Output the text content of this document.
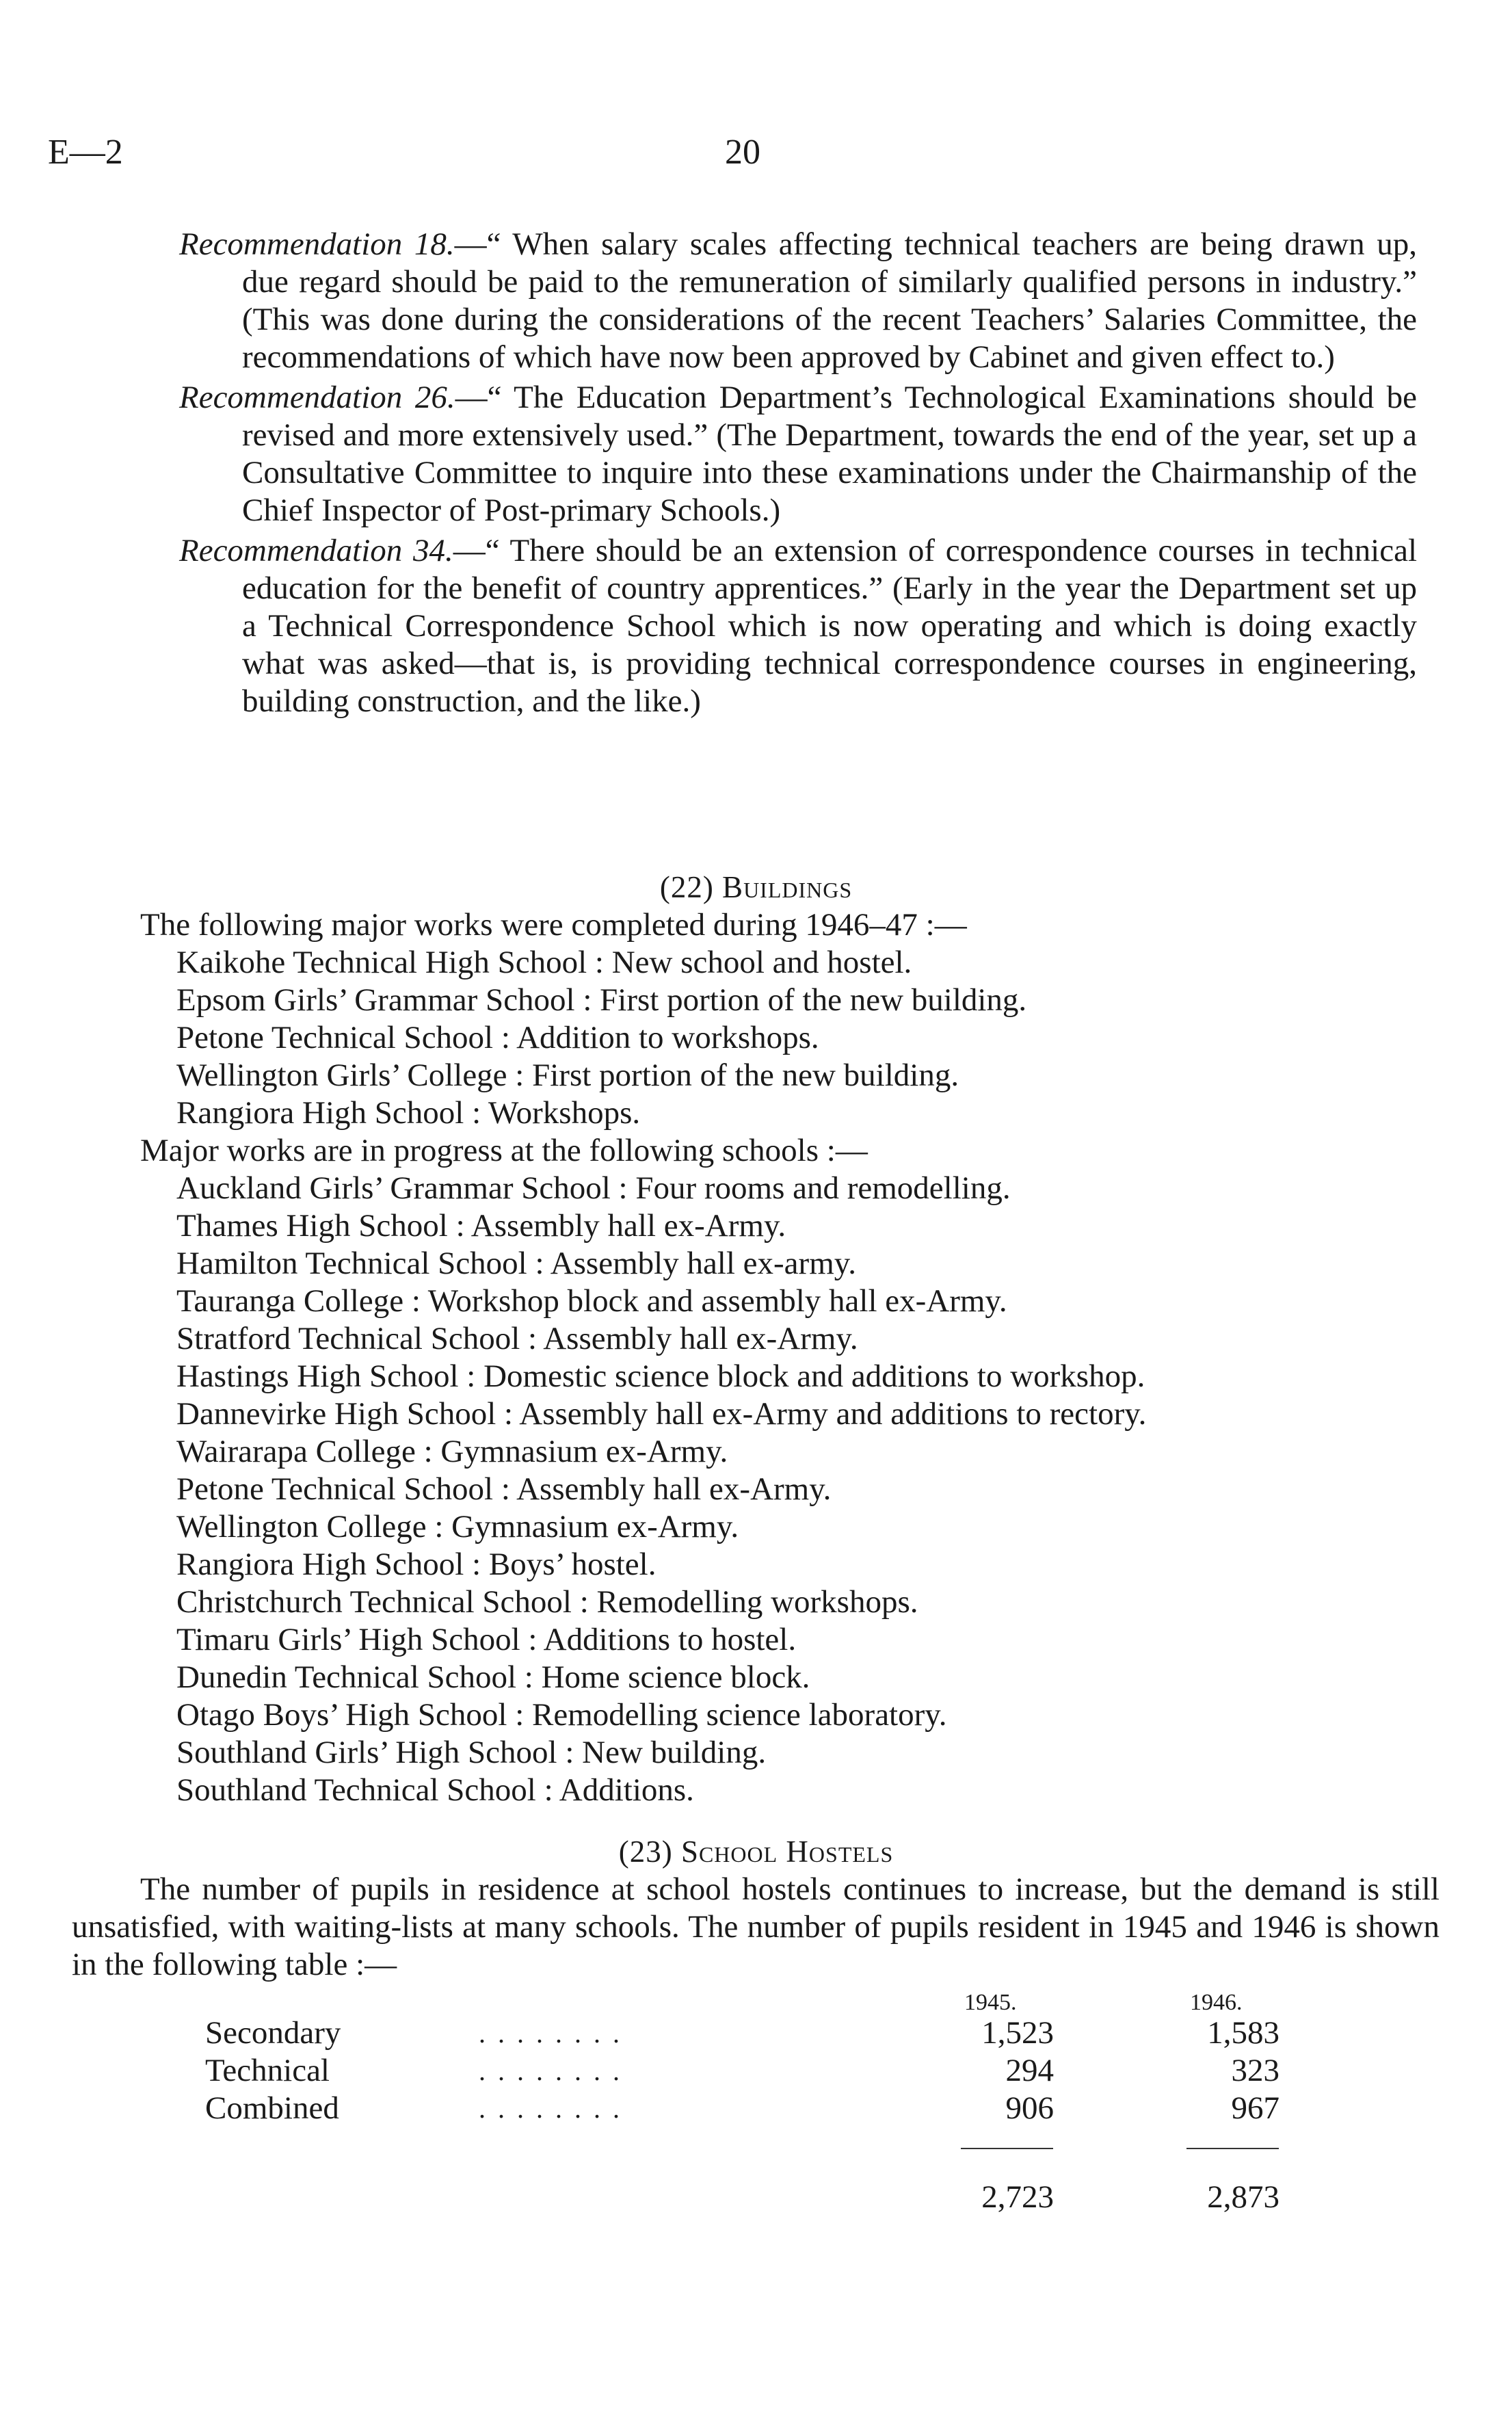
E—2	20

Recommendation 18.—“ When salary scales affecting technical teachers are being drawn up, due regard should be paid to the remuneration of similarly qualified persons in industry.” (This was done during the considerations of the recent Teachers’ Salaries Committee, the recommendations of which have now been approved by Cabinet and given effect to.)

Recommendation 26.—“ The Education Department’s Technological Examinations should be revised and more extensively used.” (The Department, towards the end of the year, set up a Consultative Committee to inquire into these examinations under the Chairmanship of the Chief Inspector of Post-primary Schools.)

Recommendation 34.—“ There should be an extension of correspondence courses in technical education for the benefit of country apprentices.” (Early in the year the Department set up a Technical Correspondence School which is now operating and which is doing exactly what was asked—that is, is providing technical correspondence courses in engineering, building construction, and the like.)

(22) Buildings
The following major works were completed during 1946–47 :—
Kaikohe Technical High School : New school and hostel.
Epsom Girls’ Grammar School : First portion of the new building.
Petone Technical School : Addition to workshops.
Wellington Girls’ College : First portion of the new building.
Rangiora High School : Workshops.
Major works are in progress at the following schools :—
Auckland Girls’ Grammar School : Four rooms and remodelling.
Thames High School : Assembly hall ex-Army.
Hamilton Technical School : Assembly hall ex-army.
Tauranga College : Workshop block and assembly hall ex-Army.
Stratford Technical School : Assembly hall ex-Army.
Hastings High School : Domestic science block and additions to workshop.
Dannevirke High School : Assembly hall ex-Army and additions to rectory.
Wairarapa College : Gymnasium ex-Army.
Petone Technical School : Assembly hall ex-Army.
Wellington College : Gymnasium ex-Army.
Rangiora High School : Boys’ hostel.
Christchurch Technical School : Remodelling workshops.
Timaru Girls’ High School : Additions to hostel.
Dunedin Technical School : Home science block.
Otago Boys’ High School : Remodelling science laboratory.
Southland Girls’ High School : New building.
Southland Technical School : Additions.
(23) School Hostels
The number of pupils in residence at school hostels continues to increase, but the demand is still unsatisfied, with waiting-lists at many schools. The number of pupils resident in 1945 and 1946 is shown in the following table :—
1945.	1946.
Secondary	. . . . . . . .	1,523	1,583
Technical	. . . . . . . .	294	323
Combined	. . . . . . . .	906	967
2,723	2,873
